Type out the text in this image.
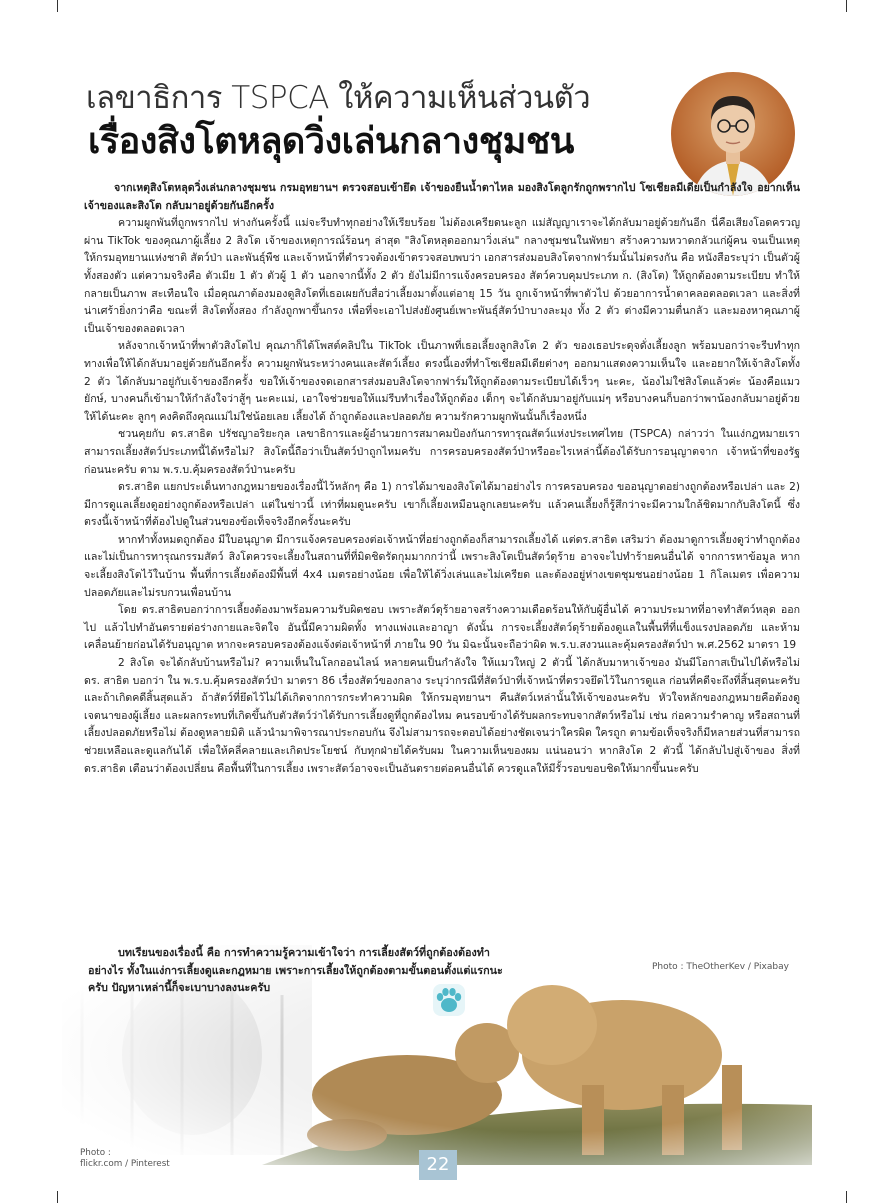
เลขาธิการ TSPCA ให้ความเห็นส่วนตัว
เรื่องสิงโตหลุดวิ่งเล่นกลางชุมชน

จากเหตุสิงโตหลุดวิ่งเล่นกลางชุมชน กรมอุทยานฯ ตรวจสอบเข้ายึด เจ้าของยืนน้ำตาไหล มองสิงโตลูกรักถูกพรากไป โซเชียลมีเดียเป็นกำลังใจ อยากเห็นเจ้าของและสิงโต กลับมาอยู่ด้วยกันอีกครั้ง

ความผูกพันที่ถูกพรากไป ห่างกันครั้งนี้ แม่จะรีบทำทุกอย่างให้เรียบร้อย ไม่ต้องเครียดนะลูก แม่สัญญาเราจะได้กลับมาอยู่ด้วยกันอีก นี่คือเสียงโอดครวญผ่าน TikTok ของคุณภาผู้เลี้ยง 2 สิงโต เจ้าของเหตุการณ์ร้อนๆ ล่าสุด "สิงโตหลุดออกมาวิ่งเล่น" กลางชุมชนในพัทยา สร้างความหวาดกลัวแก่ผู้คน จนเป็นเหตุให้กรมอุทยานแห่งชาติ สัตว์ป่า และพันธุ์พืช และเจ้าหน้าที่ตำรวจต้องเข้าตรวจสอบพบว่า เอกสารส่งมอบสิงโตจากฟาร์มนั้นไม่ตรงกัน คือ หนังสือระบุว่า เป็นตัวผู้ทั้งสองตัว แต่ความจริงคือ ตัวเมีย 1 ตัว ตัวผู้ 1 ตัว นอกจากนี้ทั้ง 2 ตัว ยังไม่มีการแจ้งครอบครอง สัตว์ควบคุมประเภท ก. (สิงโต) ให้ถูกต้องตามระเบียบ ทำให้กลายเป็นภาพ สะเทือนใจ เมื่อคุณภาต้องมองดูสิงโตที่เธอเผยกับสื่อว่าเลี้ยงมาตั้งแต่อายุ 15 วัน ถูกเจ้าหน้าที่พาตัวไป ด้วยอาการน้ำตาคลอตลอดเวลา และสิ่งที่น่าเศร้ายิ่งกว่าคือ ขณะที่ สิงโตทั้งสอง กำลังถูกพาขึ้นกรง เพื่อที่จะเอาไปส่งยังศูนย์เพาะพันธุ์สัตว์ป่าบางละมุง ทั้ง 2 ตัว ต่างมีความตื่นกลัว และมองหาคุณภาผู้เป็นเจ้าของตลอดเวลา

หลังจากเจ้าหน้าที่พาตัวสิงโตไป คุณภาก็ได้โพสต์คลิปใน TikTok เป็นภาพที่เธอเลี้ยงลูกสิงโต 2 ตัว ของเธอประดุจดั่งเลี้ยงลูก พร้อมบอกว่าจะรีบทำทุกทางเพื่อให้ได้กลับมาอยู่ด้วยกันอีกครั้ง ความผูกพันระหว่างคนและสัตว์เลี้ยง ตรงนี้เองที่ทำโซเชียลมีเดียต่างๆ ออกมาแสดงความเห็นใจ และอยากให้เจ้าสิงโตทั้ง 2 ตัว ได้กลับมาอยู่กับเจ้าของอีกครั้ง ขอให้เจ้าของจดเอกสารส่งมอบสิงโตจากฟาร์มให้ถูกต้องตามระเบียบได้เร็วๆ นะคะ, น้องไม่ใช่สิงโตแล้วค่ะ น้องคือแมวยักษ์, บางคนก็เข้ามาให้กำลังใจว่าสู้ๆ นะคะแม่, เอาใจช่วยขอให้แม่รีบทำเรื่องให้ถูกต้อง เด็กๆ จะได้กลับมาอยู่กับแม่ๆ หรือบางคนก็บอกว่าพาน้องกลับมาอยู่ด้วยให้ได้นะคะ ลูกๆ คงคิดถึงคุณแม่ไม่ใช่น้อยเลย เลี้ยงได้ ถ้าถูกต้องและปลอดภัย ความรักความผูกพันนั้นก็เรื่องหนึ่ง

ชวนคุยกับ ดร.สาธิต ปรัชญาอริยะกุล เลขาธิการและผู้อำนวยการสมาคมป้องกันการทารุณสัตว์แห่งประเทศไทย (TSPCA) กล่าวว่า ในแง่กฎหมายเราสามารถเลี้ยงสัตว์ประเภทนี้ได้หรือไม่? สิงโตนี้ถือว่าเป็นสัตว์ป่าถูกไหมครับ การครอบครองสัตว์ป่าหรืออะไรเหล่านี้ต้องได้รับการอนุญาตจาก เจ้าหน้าที่ของรัฐก่อนนะครับ ตาม พ.ร.บ.คุ้มครองสัตว์ป่านะครับ

ดร.สาธิต แยกประเด็นทางกฎหมายของเรื่องนี้ไว้หลักๆ คือ 1) การได้มาของสิงโตได้มาอย่างไร การครอบครอง ขออนุญาตอย่างถูกต้องหรือเปล่า และ 2) มีการดูแลเลี้ยงดูอย่างถูกต้องหรือเปล่า แต่ในข่าวนี้ เท่าที่ผมดูนะครับ เขาก็เลี้ยงเหมือนลูกเลยนะครับ แล้วคนเลี้ยงก็รู้สึกว่าจะมีความใกล้ชิดมากกับสิงโตนี้ ซึ่งตรงนี้เจ้าหน้าที่ต้องไปดูในส่วนของข้อเท็จจริงอีกครั้งนะครับ

หากทำทั้งหมดถูกต้อง มีใบอนุญาต มีการแจ้งครอบครองต่อเจ้าหน้าที่อย่างถูกต้องก็สามารถเลี้ยงได้ แต่ดร.สาธิต เสริมว่า ต้องมาดูการเลี้ยงดูว่าทำถูกต้องและไม่เป็นการทารุณกรรมสัตว์ สิงโตควรจะเลี้ยงในสถานที่ที่มิดชิดรัดกุมมากกว่านี้ เพราะสิงโตเป็นสัตว์ดุร้าย อาจจะไปทำร้ายคนอื่นได้ จากการหาข้อมูล หากจะเลี้ยงสิงโตไว้ในบ้าน พื้นที่การเลี้ยงต้องมีพื้นที่ 4x4 เมตรอย่างน้อย เพื่อให้ได้วิ่งเล่นและไม่เครียด และต้องอยู่ห่างเขตชุมชนอย่างน้อย 1 กิโลเมตร เพื่อความปลอดภัยและไม่รบกวนเพื่อนบ้าน

โดย ดร.สาธิตบอกว่าการเลี้ยงต้องมาพร้อมความรับผิดชอบ เพราะสัตว์ดุร้ายอาจสร้างความเดือดร้อนให้กับผู้อื่นได้ ความประมาทที่อาจทำสัตว์หลุด ออกไป แล้วไปทำอันตรายต่อร่างกายและจิตใจ อันนี้มีความผิดทั้ง ทางแพ่งและอาญา ดังนั้น การจะเลี้ยงสัตว์ดุร้ายต้องดูแลในพื้นที่ที่แข็งแรงปลอดภัย และห้ามเคลื่อนย้ายก่อนได้รับอนุญาต หากจะครอบครองต้องแจ้งต่อเจ้าหน้าที่ ภายใน 90 วัน มิฉะนั้นจะถือว่าผิด พ.ร.บ.สงวนและคุ้มครองสัตว์ป่า พ.ศ.2562 มาตรา 19

2 สิงโต จะได้กลับบ้านหรือไม่? ความเห็นในโลกออนไลน์ หลายคนเป็นกำลังใจ ให้แมวใหญ่ 2 ตัวนี้ ได้กลับมาหาเจ้าของ มันมีโอกาสเป็นไปได้หรือไม่ ดร. สาธิต บอกว่า ใน พ.ร.บ.คุ้มครองสัตว์ป่า มาตรา 86 เรื่องสัตว์ของกลาง ระบุว่ากรณีที่สัตว์ป่าที่เจ้าหน้าที่ตรวจยึดไว้ในการดูแล ก่อนที่คดีจะถึงที่สิ้นสุดนะครับ และถ้าเกิดคดีสิ้นสุดแล้ว ถ้าสัตว์ที่ยึดไว้ไม่ได้เกิดจากการกระทำความผิด ให้กรมอุทยานฯ คืนสัตว์เหล่านั้นให้เจ้าของนะครับ หัวใจหลักของกฎหมายคือต้องดูเจตนาของผู้เลี้ยง และผลกระทบที่เกิดขึ้นกับตัวสัตว์ว่าได้รับการเลี้ยงดูที่ถูกต้องไหม คนรอบข้างได้รับผลกระทบจากสัตว์หรือไม่ เช่น ก่อความรำคาญ หรือสถานที่เลี้ยงปลอดภัยหรือไม่ ต้องดูหลายมิติ แล้วนำมาพิจารณาประกอบกัน จึงไม่สามารถจะตอบได้อย่างชัดเจนว่าใครผิด ใครถูก ตามข้อเท็จจริงก็มีหลายส่วนที่สามารถช่วยเหลือและดูแลกันได้ เพื่อให้คลี่คลายและเกิดประโยชน์ กับทุกฝ่ายได้ครับผม ในความเห็นของผม แน่นอนว่า หากสิงโต 2 ตัวนี้ ได้กลับไปสู่เจ้าของ สิ่งที่ ดร.สาธิต เตือนว่าต้องเปลี่ยน คือพื้นที่ในการเลี้ยง เพราะสัตว์อาจจะเป็นอันตรายต่อคนอื่นได้ ควรดูแลให้มีรั้วรอบขอบชิดให้มากขึ้นนะครับ

บทเรียนของเรื่องนี้ คือ การทำความรู้ความเข้าใจว่า การเลี้ยงสัตว์ที่ถูกต้องต้องทำอย่างไร ทั้งในแง่การเลี้ยงดูและกฎหมาย เพราะการเลี้ยงให้ถูกต้องตามขั้นตอนตั้งแต่แรกนะครับ ปัญหาเหล่านี้ก็จะเบาบางลงนะครับ
Photo : TheOtherKev / Pixabay
Photo :
flickr.com / Pinterest	22
